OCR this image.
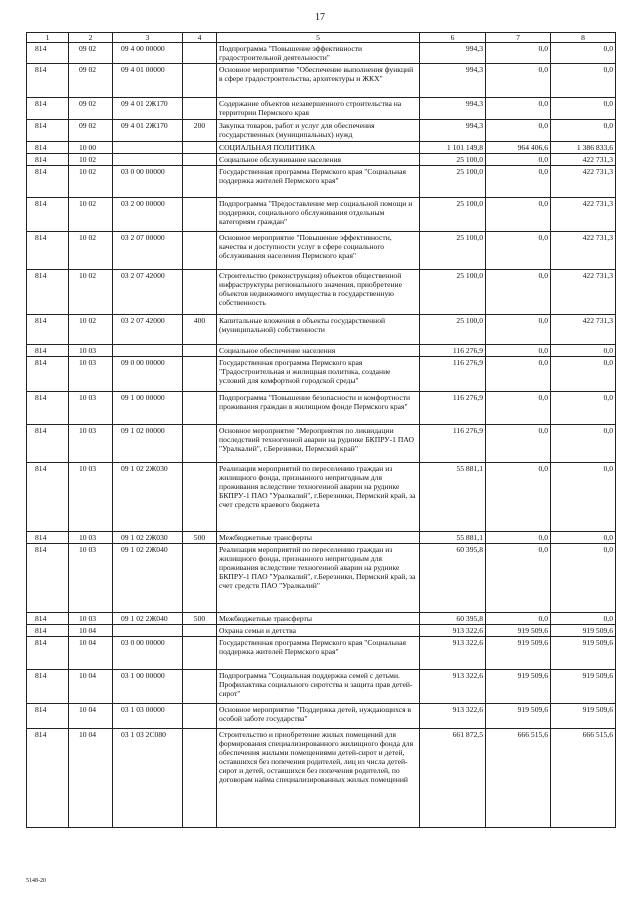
17
1	2	3	4	5	6	7	8
814	09 02	09 4 00 00000		Подпрограмма "Повышение эффективности градостроительной деятельности"	994,3	0,0	0,0
814	09 02	09 4 01 00000		Основное мероприятие "Обеспечение выполнения функций в сфере градостроительства, архитектуры и ЖКХ"	994,3	0,0	0,0
814	09 02	09 4 01 2Ж170		Содержание объектов незавершенного строительства на территории Пермского края	994,3	0,0	0,0
814	09 02	09 4 01 2Ж170	200	Закупка товаров, работ и услуг для обеспечения государственных (муниципальных) нужд	994,3	0,0	0,0
814	10 00			СОЦИАЛЬНАЯ ПОЛИТИКА	1 101 149,8	964 406,6	1 386 833,6
814	10 02			Социальное обслуживание населения	25 100,0	0,0	422 731,3
814	10 02	03 0 00 00000		Государственная программа Пермского края "Социальная поддержка жителей Пермского края"	25 100,0	0,0	422 731,3
814	10 02	03 2 00 00000		Подпрограмма "Предоставление мер социальной помощи и поддержки, социального обслуживания отдельным категориям граждан"	25 100,0	0,0	422 731,3
814	10 02	03 2 07 00000		Основное мероприятие "Повышение эффективности, качества и доступности услуг в сфере социального обслуживания населения Пермского края"	25 100,0	0,0	422 731,3
814	10 02	03 2 07 42000		Строительство (реконструкция) объектов общественной инфраструктуры регионального значения, приобретение объектов недвижимого имущества в государственную собственность	25 100,0	0,0	422 731,3
814	10 02	03 2 07 42000	400	Капитальные вложения в объекты государственной (муниципальной) собственности	25 100,0	0,0	422 731,3
814	10 03			Социальное обеспечение населения	116 276,9	0,0	0,0
814	10 03	09 0 00 00000		Государственная программа Пермского края "Градостроительная и жилищная политика, создание условий для комфортной городской среды"	116 276,9	0,0	0,0
814	10 03	09 1 00 00000		Подпрограмма "Повышение безопасности и комфортности проживания граждан в жилищном фонде Пермского края"	116 276,9	0,0	0,0
814	10 03	09 1 02 00000		Основное мероприятие "Мероприятия по ликвидации последствий техногенной аварии на руднике БКПРУ-1 ПАО "Уралкалий", г.Березники, Пермский край"	116 276,9	0,0	0,0
814	10 03	09 1 02 2Ж030		Реализация мероприятий по переселению граждан из жилищного фонда, признанного непригодным для проживания вследствие техногенной аварии на руднике БКПРУ-1 ПАО "Уралкалий", г.Березники, Пермский край, за счет средств краевого бюджета	55 881,1	0,0	0,0
814	10 03	09 1 02 2Ж030	500	Межбюджетные трансферты	55 881,1	0,0	0,0
814	10 03	09 1 02 2Ж040		Реализация мероприятий по переселению граждан из жилищного фонда, признанного непригодным для проживания вследствие техногенной аварии на руднике БКПРУ-1 ПАО "Уралкалий", г.Березники, Пермский край, за счет средств ПАО "Уралкалий"	60 395,8	0,0	0,0
814	10 03	09 1 02 2Ж040	500	Межбюджетные трансферты	60 395,8	0,0	0,0
814	10 04			Охрана семьи и детства	913 322,6	919 509,6	919 509,6
814	10 04	03 0 00 00000		Государственная программа Пермского края "Социальная поддержка жителей Пермского края"	913 322,6	919 509,6	919 509,6
814	10 04	03 1 00 00000		Подпрограмма "Социальная поддержка семей с детьми. Профилактика социального сиротства и защита прав детей-сирот"	913 322,6	919 509,6	919 509,6
814	10 04	03 1 03 00000		Основное мероприятие "Поддержка детей, нуждающихся в особой заботе государства"	913 322,6	919 509,6	919 509,6
814	10 04	03 1 03 2С080		Строительство и приобретение жилых помещений для формирования специализированного жилищного фонда для обеспечения жилыми помещениями детей-сирот и детей, оставшихся без попечения родителей, лиц из числа детей-сирот и детей, оставшихся без попечения родителей, по договорам найма специализированных жилых помещений	661 872,5	666 515,6	666 515,6
5148-20
